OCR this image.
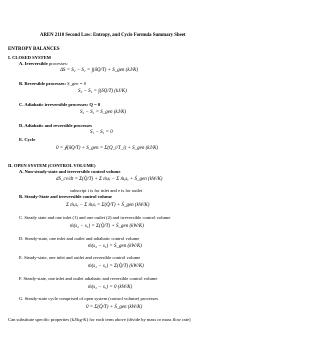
AREN 2110 Second Law: Entropy, and Cycle Formula Summary Sheet
ENTROPY BALANCES
I. CLOSED SYSTEM
A. Irreversible processes:
ΔS = S₂ − S₁ = ∫(δQ/T) + S_gen (kJ/K)
B. Reversible processes: S_gen = 0
S₂ − S₁ = ∫(δQ/T) (kJ/K)
C. Adiabatic irreversible processes: Q = 0
S₂ − S₁ = S_gen (kJ/K)
D. Adiabatic and reversible processes
S₁ − S₁ = 0
E. Cycle
0 = ∮(δQ/T) + S_gen = Σ(Q_i/T_i) + S_gen (kJ/K)
II. OPEN SYSTEM (CONTROL VOLUME)
A. Non-steady-state and irreversible control volume
dS_cv/dt = Σ(Q̇/T) + Σ ṁᵢsᵢ − Σ ṁₑsₑ + Ṡ_gen (kW/K)
subscript i is for inlet and e is for outlet
B. Steady-State and irreversible control volume
Σ ṁₑsₑ − Σ ṁᵢsᵢ = Σ(Q̇/T) + Ṡ_gen (kW/K)
C. Steady state and one inlet (1) and one outlet (2) and irreversible control volume
ṁ(s₂ − s₁) = Σ(Q̇/T) + Ṡ_gen (kW/K)
D. Steady-state, one inlet and outlet and adiabatic control volume
ṁ(s₂ − s₁) = Ṡ_gen (kW/K)
E. Steady-state, one inlet and outlet and reversible control volume
ṁ(s₂ − s₁) = Σ(Q̇/T) (kW/K)
F. Steady-state, one inlet and outlet adiabatic and reversible control volume
ṁ(s₂ − s₁) = 0 (kW/K)
G. Steady-state cycle comprised of open system (control volume) processes
0 = Σ(Q̇/T) + Ṡ_gen (kW/K)
Can substitute specific properties (kJ/kg-K) for each term above (divide by mass or mass flow rate)
